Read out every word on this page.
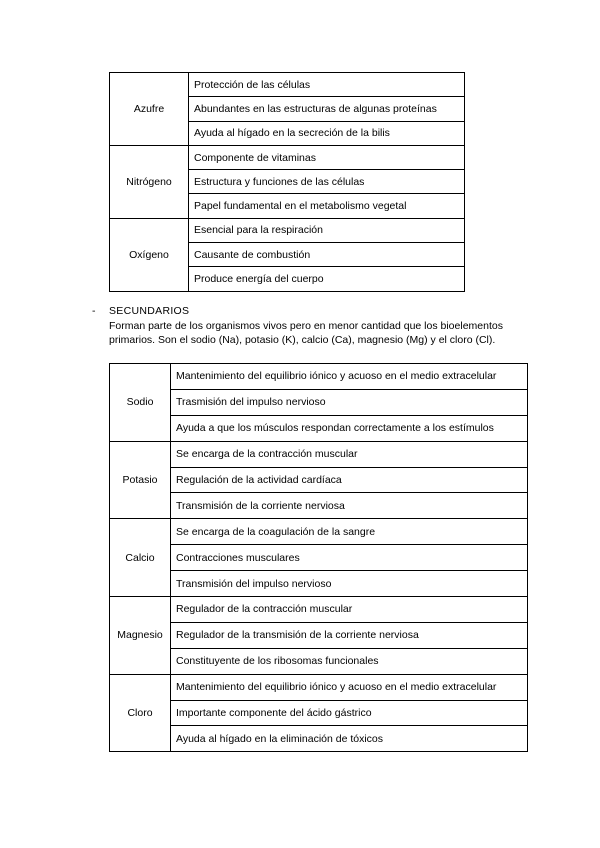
Azufre	Protección de las células
	Abundantes en las estructuras de algunas proteínas
	Ayuda al hígado en la secreción de la bilis
Nitrógeno	Componente de vitaminas
	Estructura y funciones de las células
	Papel fundamental en el metabolismo vegetal
Oxígeno	Esencial para la respiración
	Causante de combustión
	Produce energía del cuerpo
- SECUNDARIOS
Forman parte de los organismos vivos pero en menor cantidad que los bioelementos
primarios. Son el sodio (Na), potasio (K), calcio (Ca), magnesio (Mg) y el cloro (Cl).
Sodio	Mantenimiento del equilibrio iónico y acuoso en el medio extracelular
	Trasmisión del impulso nervioso
	Ayuda a que los músculos respondan correctamente a los estímulos
Potasio	Se encarga de la contracción muscular
	Regulación de la actividad cardíaca
	Transmisión de la corriente nerviosa
Calcio	Se encarga de la coagulación de la sangre
	Contracciones musculares
	Transmisión del impulso nervioso
Magnesio	Regulador de la contracción muscular
	Regulador de la transmisión de la corriente nerviosa
	Constituyente de los ribosomas funcionales
Cloro	Mantenimiento del equilibrio iónico y acuoso en el medio extracelular
	Importante componente del ácido gástrico
	Ayuda al hígado en la eliminación de tóxicos
